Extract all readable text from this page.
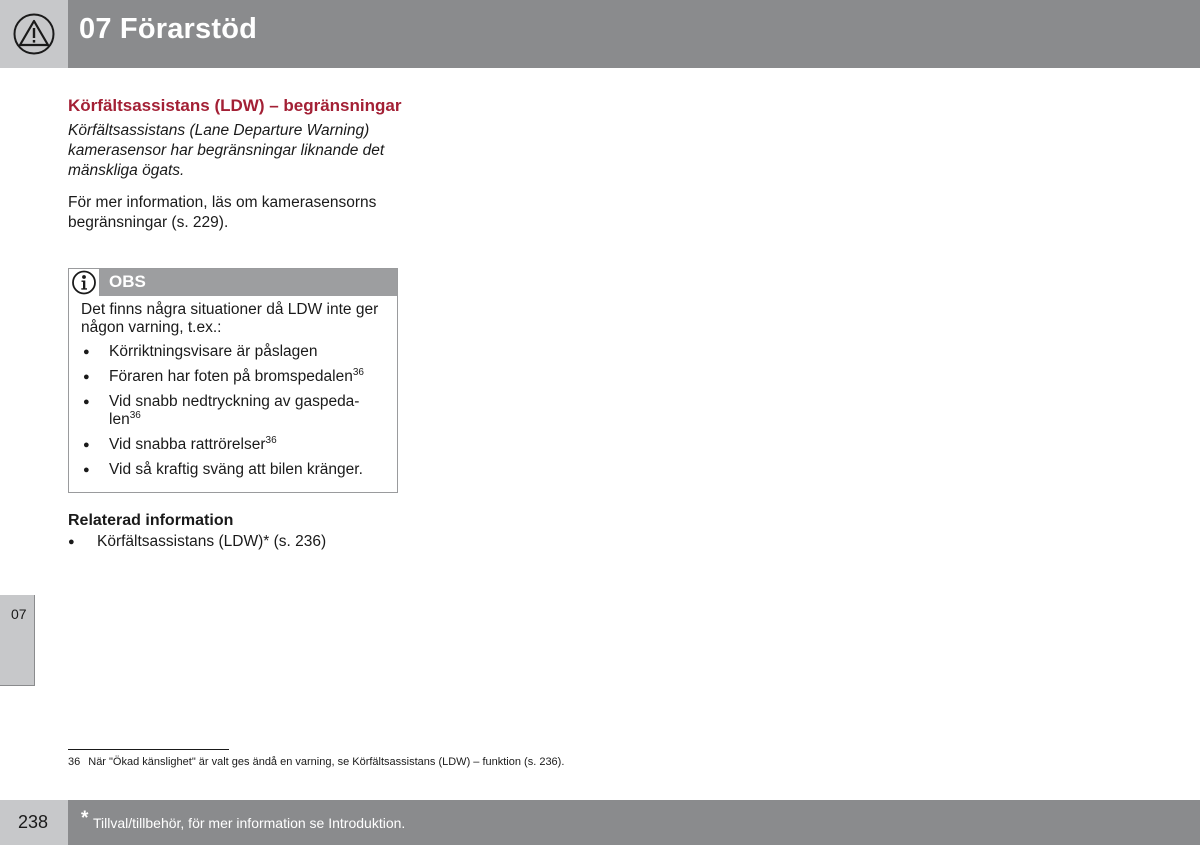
07 Förarstöd
07
Körfältsassistans (LDW) – begränsningar

Körfältsassistans (Lane Departure Warning) kamerasensor har begränsningar liknande det mänskliga ögats.

För mer information, läs om kamerasensorns begränsningar (s. 229).

OBS

Det finns några situationer då LDW inte ger någon varning, t.ex.:

● Körriktningsvisare är påslagen
● Föraren har foten på bromspedalen$^{36}$
● Vid snabb nedtryckning av gaspeda-len$^{36}$
● Vid snabba rattrörelser$^{36}$
● Vid så kraftig sväng att bilen kränger.

Relaterad information

● Körfältsassistans (LDW)* (s. 236)
36 När "Ökad känslighet" är valt ges ändå en varning, se Körfältsassistans (LDW) – funktion (s. 236).
238 * Tillval/tillbehör, för mer information se Introduktion.
